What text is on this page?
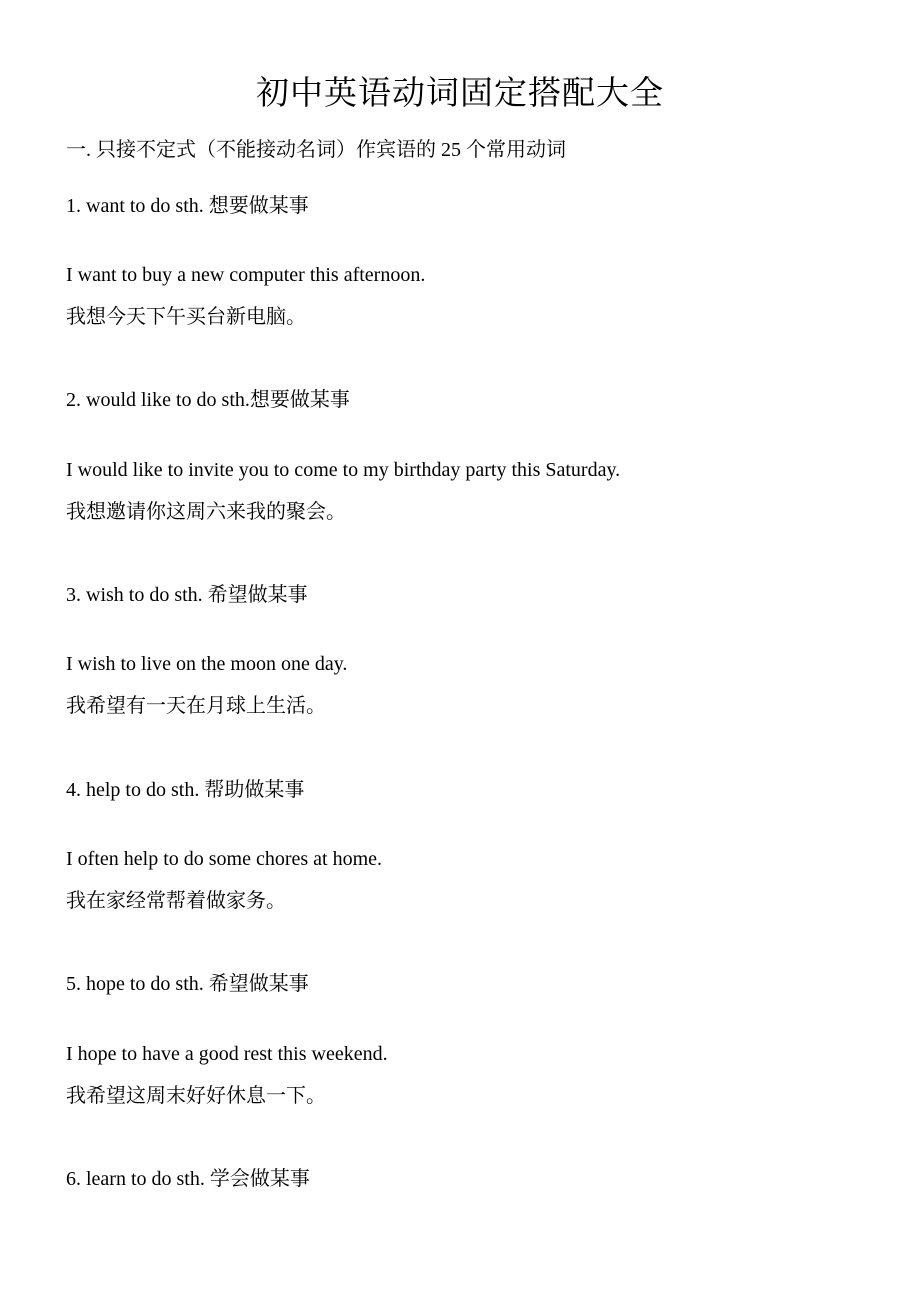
初中英语动词固定搭配大全
一. 只接不定式（不能接动名词）作宾语的 25 个常用动词
1. want to do sth. 想要做某事
I want to buy a new computer this afternoon.
我想今天下午买台新电脑。
2. would like to do sth.想要做某事
I would like to invite you to come to my birthday party this Saturday.
我想邀请你这周六来我的聚会。
3. wish to do sth. 希望做某事
I wish to live on the moon one day.
我希望有一天在月球上生活。
4. help to do sth. 帮助做某事
I often help to do some chores at home.
我在家经常帮着做家务。
5. hope to do sth. 希望做某事
I hope to have a good rest this weekend.
我希望这周末好好休息一下。
6. learn to do sth. 学会做某事
